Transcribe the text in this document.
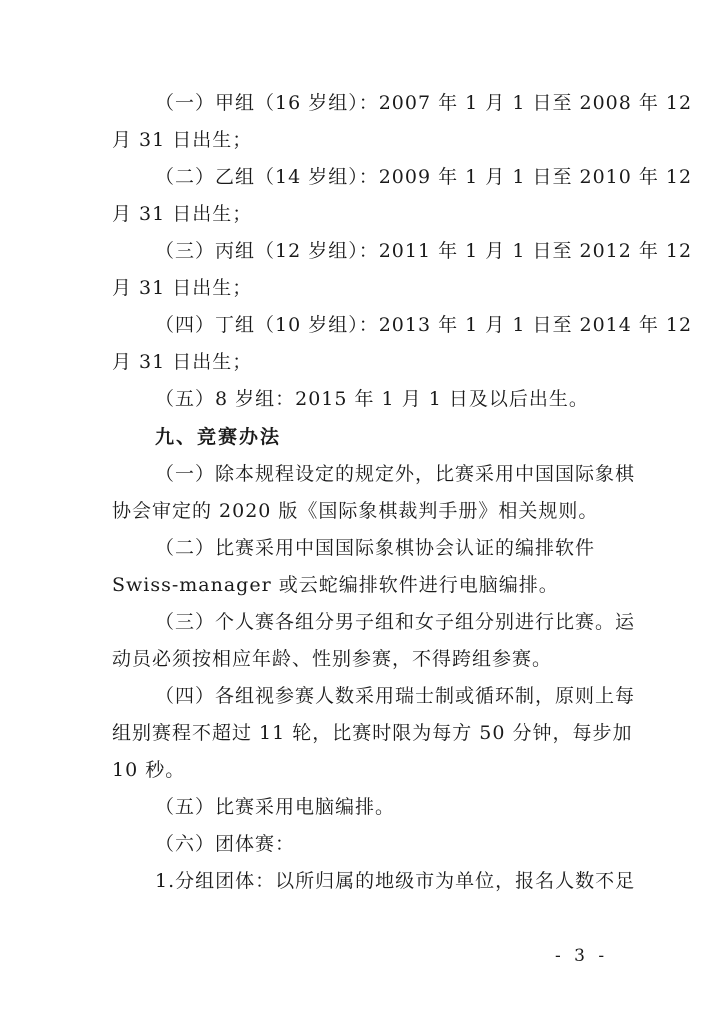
（一）甲组（16 岁组）：2007 年 1 月 1 日至 2008 年 12
月 31 日出生；
（二）乙组（14 岁组）：2009 年 1 月 1 日至 2010 年 12
月 31 日出生；
（三）丙组（12 岁组）：2011 年 1 月 1 日至 2012 年 12
月 31 日出生；
（四）丁组（10 岁组）：2013 年 1 月 1 日至 2014 年 12
月 31 日出生；
（五）8 岁组：2015 年 1 月 1 日及以后出生。
九、竞赛办法
（一）除本规程设定的规定外，比赛采用中国国际象棋
协会审定的 2020 版《国际象棋裁判手册》相关规则。
（二）比赛采用中国国际象棋协会认证的编排软件
Swiss-manager 或云蛇编排软件进行电脑编排。
（三）个人赛各组分男子组和女子组分别进行比赛。运
动员必须按相应年龄、性别参赛，不得跨组参赛。
（四）各组视参赛人数采用瑞士制或循环制，原则上每
组别赛程不超过 11 轮，比赛时限为每方 50 分钟，每步加
10 秒。
（五）比赛采用电脑编排。
（六）团体赛：
1.分组团体：以所归属的地级市为单位，报名人数不足
- 3 -
